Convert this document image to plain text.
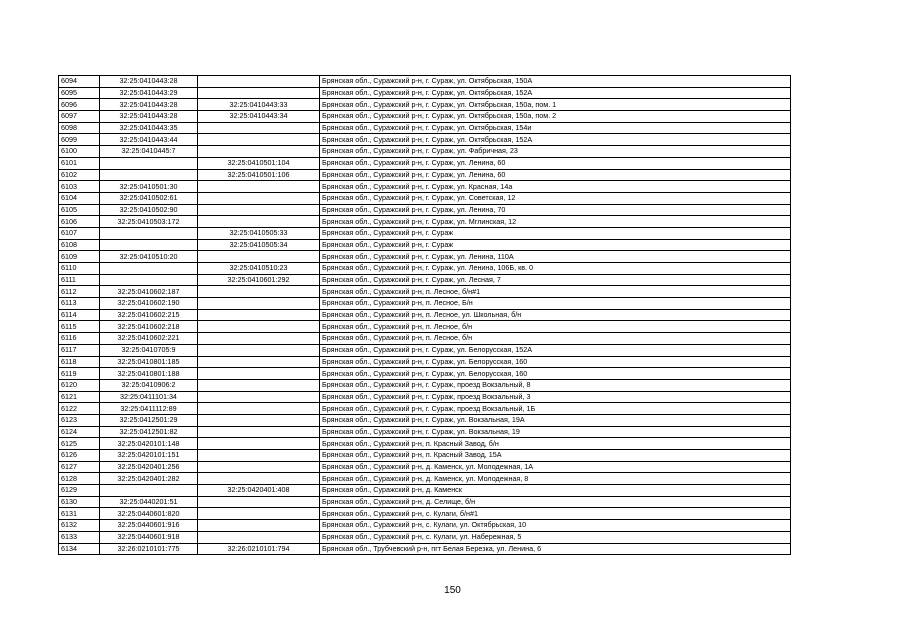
6094	32:25:0410443:28		Брянская обл., Суражский р-н, г. Сураж, ул. Октябрьская, 150А
6095	32:25:0410443:29		Брянская обл., Суражский р-н, г. Сураж, ул. Октябрьская, 152А
6096	32:25:0410443:28	32:25:0410443:33	Брянская обл., Суражский р-н, г. Сураж, ул. Октябрьская, 150а, пом. 1
6097	32:25:0410443:28	32:25:0410443:34	Брянская обл., Суражский р-н, г. Сураж, ул. Октябрьская, 150а, пом. 2
6098	32:25:0410443:35		Брянская обл., Суражский р-н, г. Сураж, ул. Октябрьская, 154и
6099	32:25:0410443:44		Брянская обл., Суражский р-н, г. Сураж, ул. Октябрьская, 152А
6100	32:25:0410445:7		Брянская обл., Суражский р-н, г. Сураж, ул. Фабричная, 23
6101		32:25:0410501:104	Брянская обл., Суражский р-н, г. Сураж, ул. Ленина, 60
6102		32:25:0410501:106	Брянская обл., Суражский р-н, г. Сураж, ул. Ленина, 60
6103	32:25:0410501:30		Брянская обл., Суражский р-н, г. Сураж, ул. Красная, 14а
6104	32:25:0410502:61		Брянская обл., Суражский р-н, г. Сураж, ул. Советская, 12
6105	32:25:0410502:90		Брянская обл., Суражский р-н, г. Сураж, ул. Ленина, 70
6106	32:25:0410503:172		Брянская обл., Суражский р-н, г. Сураж, ул. Мглинская, 12
6107		32:25:0410505:33	Брянская обл., Суражский р-н, г. Сураж
6108		32:25:0410505:34	Брянская обл., Суражский р-н, г. Сураж
6109	32:25:0410510:20		Брянская обл., Суражский р-н, г. Сураж, ул. Ленина, 110А
6110		32:25:0410510:23	Брянская обл., Суражский р-н, г. Сураж, ул. Ленина, 106Б, кв. 0
6111		32:25:0410601:292	Брянская обл., Суражский р-н, г. Сураж, ул. Лесная, 7
6112	32:25:0410602:187		Брянская обл., Суражский р-н, п. Лесное, б/н#1
6113	32:25:0410602:190		Брянская обл., Суражский р-н, п. Лесное, Б/н
6114	32:25:0410602:215		Брянская обл., Суражский р-н, п. Лесное, ул. Школьная, б/н
6115	32:25:0410602:218		Брянская обл., Суражский р-н, п. Лесное, б/н
6116	32:25:0410602:221		Брянская обл., Суражский р-н, п. Лесное, б/н
6117	32:25:0410705:9		Брянская обл., Суражский р-н, г. Сураж, ул. Белорусская, 152А
6118	32:25:0410801:185		Брянская обл., Суражский р-н, г. Сураж, ул. Белорусская, 160
6119	32:25:0410801:188		Брянская обл., Суражский р-н, г. Сураж, ул. Белорусская, 160
6120	32:25:0410906:2		Брянская обл., Суражский р-н, г. Сураж, проезд Вокзальный, 8
6121	32:25:0411101:34		Брянская обл., Суражский р-н, г. Сураж, проезд Вокзальный, 3
6122	32:25:0411112:89		Брянская обл., Суражский р-н, г. Сураж, проезд Вокзальный, 1Б
6123	32:25:0412501:29		Брянская обл., Суражский р-н, г. Сураж, ул. Вокзальная, 19А
6124	32:25:0412501:82		Брянская обл., Суражский р-н, г. Сураж, ул. Вокзальная, 19
6125	32:25:0420101:148		Брянская обл., Суражский р-н, п. Красный Завод, б/н
6126	32:25:0420101:151		Брянская обл., Суражский р-н, п. Красный Завод, 15А
6127	32:25:0420401:256		Брянская обл., Суражский р-н, д. Каменск, ул. Молодежная, 1А
6128	32:25:0420401:282		Брянская обл., Суражский р-н, д. Каменск, ул. Молодежная, 8
6129		32:25:0420401:408	Брянская обл., Суражский р-н, д. Каменск
6130	32:25:0440201:51		Брянская обл., Суражский р-н, д. Селище, б/н
6131	32:25:0440601:820		Брянская обл., Суражский р-н, с. Кулаги, б/н#1
6132	32:25:0440601:916		Брянская обл., Суражский р-н, с. Кулаги, ул. Октябрьская, 10
6133	32:25:0440601:918		Брянская обл., Суражский р-н, с. Кулаги, ул. Набережная, 5
6134	32:26:0210101:775	32:26:0210101:794	Брянская обл., Трубчевский р-н, пгт Белая Березка, ул. Ленина, 6
150
